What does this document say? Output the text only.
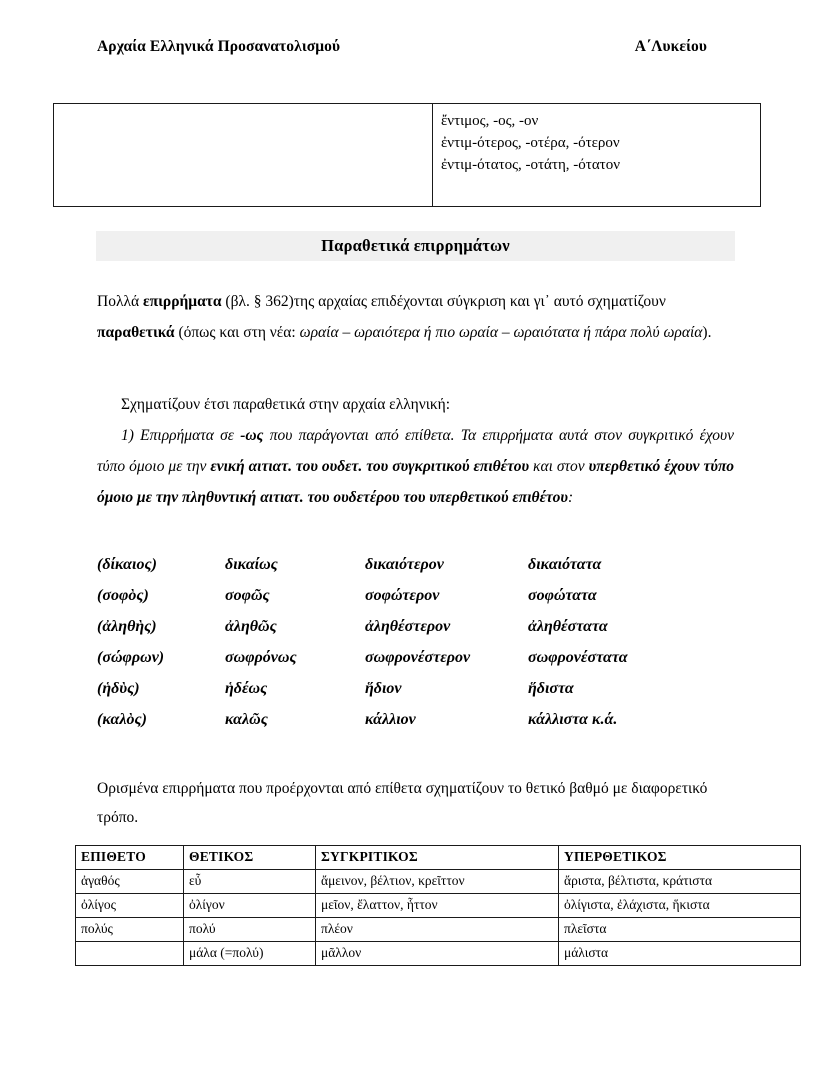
Αρχαία Ελληνικά Προσανατολισμού	Α΄Λυκείου

ἔντιμος, -ος, -ον
ἐντιμ-ότερος, -οτέρα, -ότερον
ἐντιμ-ότατος, -οτάτη, -ότατον
Παραθετικά επιρρημάτων

Πολλά επιρρήματα (βλ. § 362)της αρχαίας επιδέχονται σύγκριση και γι᾿ αυτό σχηματίζουν παραθετικά (όπως και στη νέα: ωραία – ωραιότερα ή πιο ωραία – ωραιότατα ή πάρα πολύ ωραία).

Σχηματίζουν έτσι παραθετικά στην αρχαία ελληνική:

1) Επιρρήματα σε -ως που παράγονται από επίθετα. Τα επιρρήματα αυτά στον συγκριτικό έχουν τύπο όμοιο με την ενική αιτιατ. του ουδετ. του συγκριτικού επιθέτου και στον υπερθετικό έχουν τύπο όμοιο με την πληθυντική αιτιατ. του ουδετέρου του υπερθετικού επιθέτου:

(δίκαιος)	δικαίως	δικαιότερον	δικαιότατα
(σοφὸς)	σοφῶς	σοφώτερον	σοφώτατα
(ἀληθὴς)	ἀληθῶς	ἀληθέστερον	ἀληθέστατα
(σώφρων)	σωφρόνως	σωφρονέστερον	σωφρονέστατα
(ἡδὺς)	ἡδέως	ἥδιον	ἥδιστα
(καλὸς)	καλῶς	κάλλιον	κάλλιστα κ.ά.

Ορισμένα επιρρήματα που προέρχονται από επίθετα σχηματίζουν το θετικό βαθμό με διαφορετικό τρόπο.

ΕΠΙΘΕΤΟ	ΘΕΤΙΚΟΣ	ΣΥΓΚΡΙΤΙΚΟΣ	ΥΠΕΡΘΕΤΙΚΟΣ
ἀγαθός	εὖ	ἄμεινον, βέλτιον, κρεῖττον	ἄριστα, βέλτιστα, κράτιστα
ὀλίγος	ὀλίγον	μεῖον, ἔλαττον, ἧττον	ὀλίγιστα, ἐλάχιστα, ἥκιστα
πολύς	πολύ	πλέον	πλεῖστα
	μάλα (=πολύ)	μᾶλλον	μάλιστα
